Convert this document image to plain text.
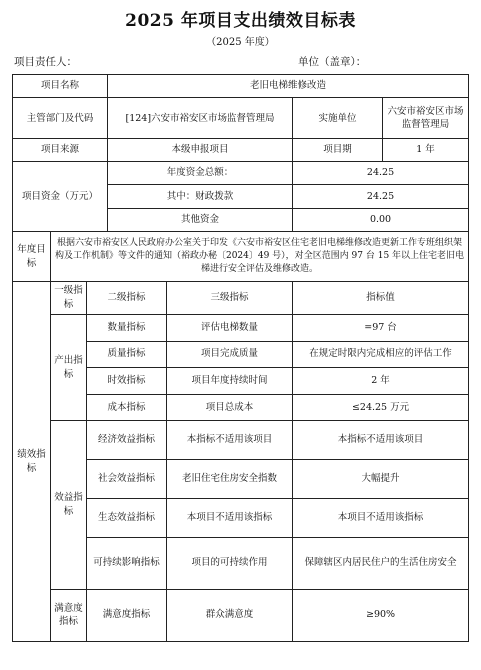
2025 年项目支出绩效目标表
（2025 年度）
项目责任人：	单位（盖章）：
项目名称			老旧电梯维修改造			
主管部门及代码			[124]六安市裕安区市场监督管理局		实施单位	六安市裕安区市场监督管理局
项目来源			本级申报项目		项目期	1 年
项目资金（万元）			年度资金总额：		24.25	
			其中：财政拨款		24.25	
			其他资金		0.00	
年度目标	根据六安市裕安区人民政府办公室关于印发《六安市裕安区住宅老旧电梯维修改造更新工作专班组织架构及工作机制》等文件的通知（裕政办秘〔2024〕49 号），对全区范围内 97 台 15 年以上住宅老旧电梯进行安全评估及维修改造。					
绩效指标	一级指标	二级指标		三级指标	指标值	
	产出指标	数量指标		评估电梯数量	=97 台	
		质量指标		项目完成质量	在规定时限内完成相应的评估工作	
		时效指标		项目年度持续时间	2 年	
		成本指标		项目总成本	≤24.25 万元	
	效益指标	经济效益指标		本指标不适用该项目	本指标不适用该项目	
		社会效益指标		老旧住宅住房安全指数	大幅提升	
		生态效益指标		本项目不适用该指标	本项目不适用该指标	
		可持续影响指标		项目的可持续作用	保障辖区内居民住户的生活住房安全	
	满意度指标	满意度指标		群众满意度	≥90%	
